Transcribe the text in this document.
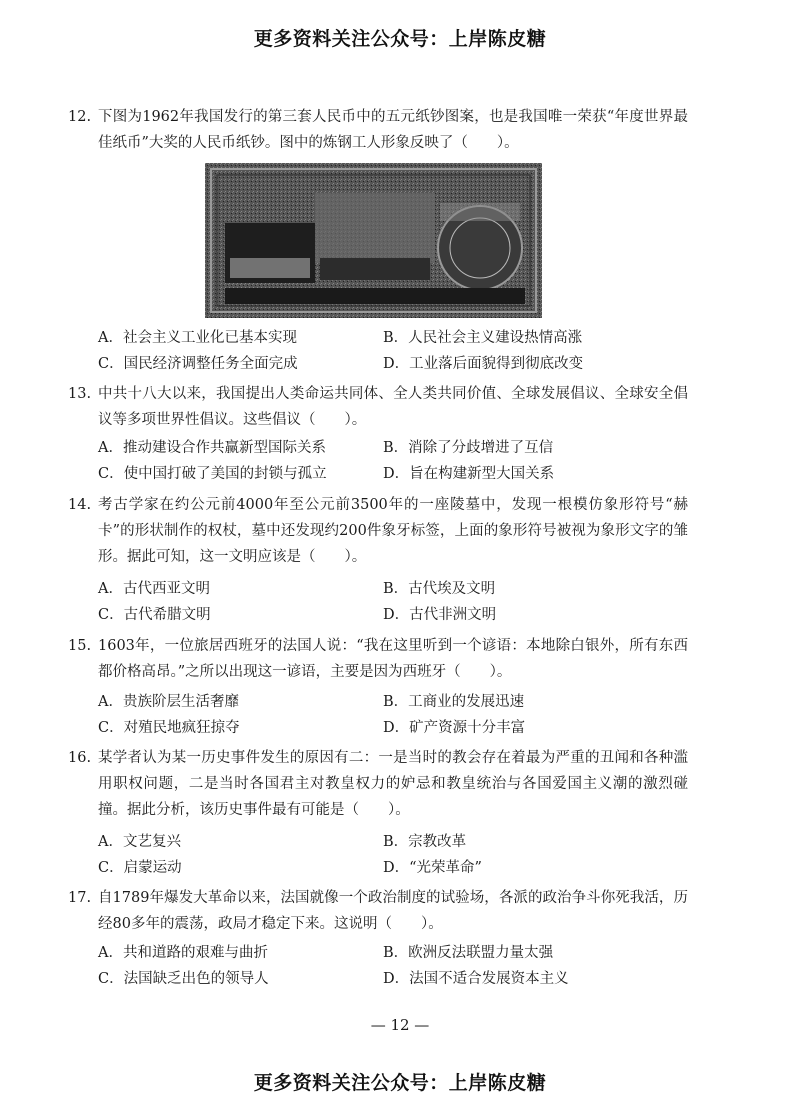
更多资料关注公众号：上岸陈皮糖
12. 下图为1962年我国发行的第三套人民币中的五元纸钞图案，也是我国唯一荣获“年度世界最佳纸币”大奖的人民币纸钞。图中的炼钢工人形象反映了（　　）。
A．社会主义工业化已基本实现	B．人民社会主义建设热情高涨
C．国民经济调整任务全面完成	D．工业落后面貌得到彻底改变
13. 中共十八大以来，我国提出人类命运共同体、全人类共同价值、全球发展倡议、全球安全倡议等多项世界性倡议。这些倡议（　　）。
A．推动建设合作共赢新型国际关系	B．消除了分歧增进了互信
C．使中国打破了美国的封锁与孤立	D．旨在构建新型大国关系
14. 考古学家在约公元前4000年至公元前3500年的一座陵墓中，发现一根模仿象形符号“赫卡”的形状制作的权杖，墓中还发现约200件象牙标签，上面的象形符号被视为象形文字的雏形。据此可知，这一文明应该是（　　）。
A．古代西亚文明	B．古代埃及文明
C．古代希腊文明	D．古代非洲文明
15. 1603年，一位旅居西班牙的法国人说：“我在这里听到一个谚语：本地除白银外，所有东西都价格高昂。”之所以出现这一谚语，主要是因为西班牙（　　）。
A．贵族阶层生活奢靡	B．工商业的发展迅速
C．对殖民地疯狂掠夺	D．矿产资源十分丰富
16. 某学者认为某一历史事件发生的原因有二：一是当时的教会存在着最为严重的丑闻和各种滥用职权问题，二是当时各国君主对教皇权力的妒忌和教皇统治与各国爱国主义潮的激烈碰撞。据此分析，该历史事件最有可能是（　　）。
A．文艺复兴	B．宗教改革
C．启蒙运动	D．“光荣革命”
17. 自1789年爆发大革命以来，法国就像一个政治制度的试验场，各派的政治争斗你死我活，历经80多年的震荡，政局才稳定下来。这说明（　　）。
A．共和道路的艰难与曲折	B．欧洲反法联盟力量太强
C．法国缺乏出色的领导人	D．法国不适合发展资本主义
— 12 —
更多资料关注公众号：上岸陈皮糖
